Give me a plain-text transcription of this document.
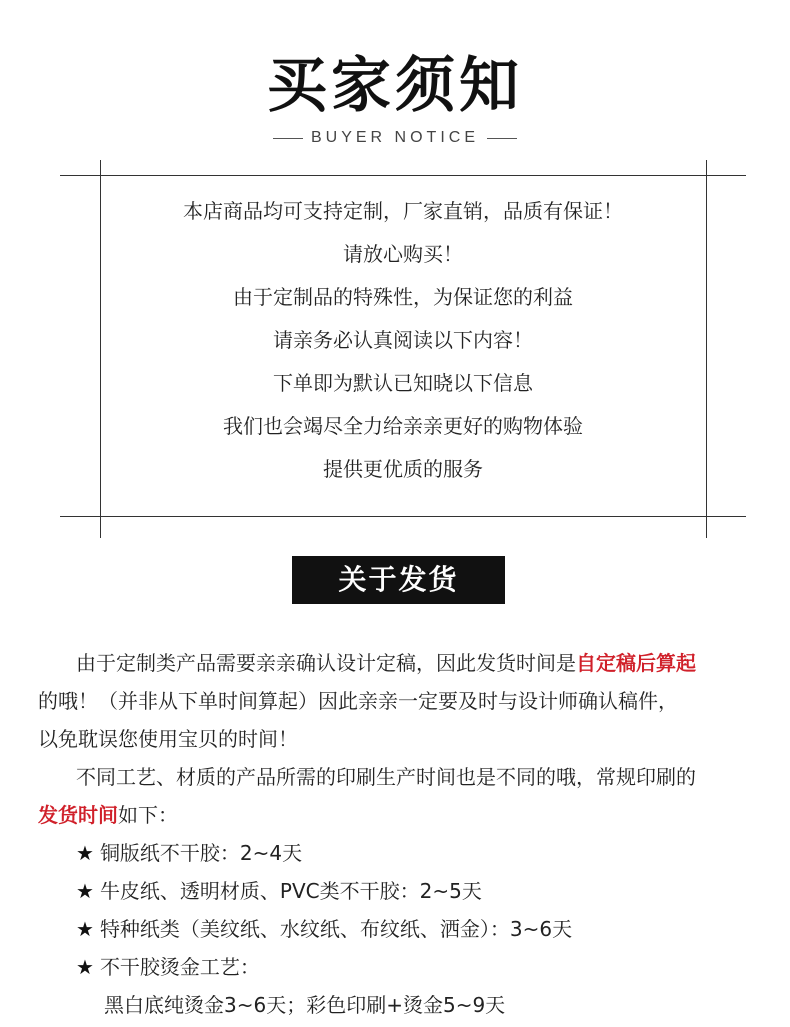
买家须知
BUYER NOTICE
本店商品均可支持定制，厂家直销，品质有保证！
请放心购买！
由于定制品的特殊性，为保证您的利益
请亲务必认真阅读以下内容！
下单即为默认已知晓以下信息
我们也会竭尽全力给亲亲更好的购物体验
提供更优质的服务
关于发货

由于定制类产品需要亲亲确认设计定稿，因此发货时间是自定稿后算起

的哦！（并非从下单时间算起）因此亲亲一定要及时与设计师确认稿件，

以免耽误您使用宝贝的时间！

不同工艺、材质的产品所需的印刷生产时间也是不同的哦，常规印刷的

发货时间如下：

★ 铜版纸不干胶：2~4天

★ 牛皮纸、透明材质、PVC类不干胶：2~5天

★ 特种纸类（美纹纸、水纹纸、布纹纸、洒金）：3~6天

★ 不干胶烫金工艺：

黑白底纯烫金3~6天；彩色印刷+烫金5~9天
